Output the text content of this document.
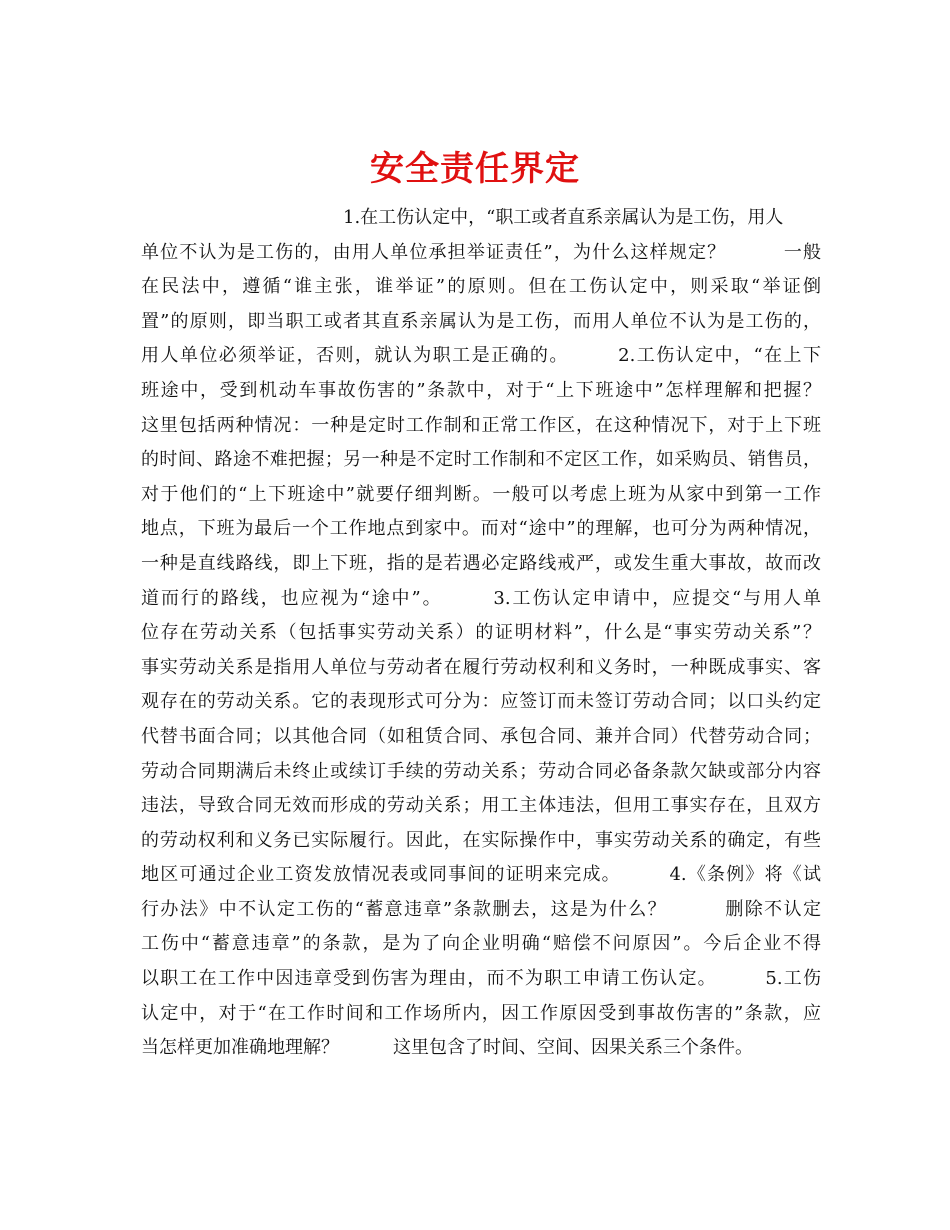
安全责任界定
1.在工伤认定中，“职工或者直系亲属认为是工伤，用人
单位不认为是工伤的，由用人单位承担举证责任”，为什么这样规定？　　　一般
在民法中，遵循“谁主张，谁举证”的原则。但在工伤认定中，则采取“举证倒
置”的原则，即当职工或者其直系亲属认为是工伤，而用人单位不认为是工伤的，
用人单位必须举证，否则，就认为职工是正确的。　　　2.工伤认定中，“在上下
班途中，受到机动车事故伤害的”条款中，对于“上下班途中”怎样理解和把握？
这里包括两种情况：一种是定时工作制和正常工作区，在这种情况下，对于上下班
的时间、路途不难把握；另一种是不定时工作制和不定区工作，如采购员、销售员，
对于他们的“上下班途中”就要仔细判断。一般可以考虑上班为从家中到第一工作
地点，下班为最后一个工作地点到家中。而对“途中”的理解，也可分为两种情况，
一种是直线路线，即上下班，指的是若遇必定路线戒严，或发生重大事故，故而改
道而行的路线，也应视为“途中”。　　　3.工伤认定申请中，应提交“与用人单
位存在劳动关系（包括事实劳动关系）的证明材料”，什么是“事实劳动关系”？
事实劳动关系是指用人单位与劳动者在履行劳动权利和义务时，一种既成事实、客
观存在的劳动关系。它的表现形式可分为：应签订而未签订劳动合同；以口头约定
代替书面合同；以其他合同（如租赁合同、承包合同、兼并合同）代替劳动合同；
劳动合同期满后未终止或续订手续的劳动关系；劳动合同必备条款欠缺或部分内容
违法，导致合同无效而形成的劳动关系；用工主体违法，但用工事实存在，且双方
的劳动权利和义务已实际履行。因此，在实际操作中，事实劳动关系的确定，有些
地区可通过企业工资发放情况表或同事间的证明来完成。　　　4.《条例》将《试
行办法》中不认定工伤的“蓄意违章”条款删去，这是为什么？　　　删除不认定
工伤中“蓄意违章”的条款，是为了向企业明确“赔偿不问原因”。今后企业不得
以职工在工作中因违章受到伤害为理由，而不为职工申请工伤认定。　　　5.工伤
认定中，对于“在工作时间和工作场所内，因工作原因受到事故伤害的”条款，应
当怎样更加准确地理解？　　　这里包含了时间、空间、因果关系三个条件。
